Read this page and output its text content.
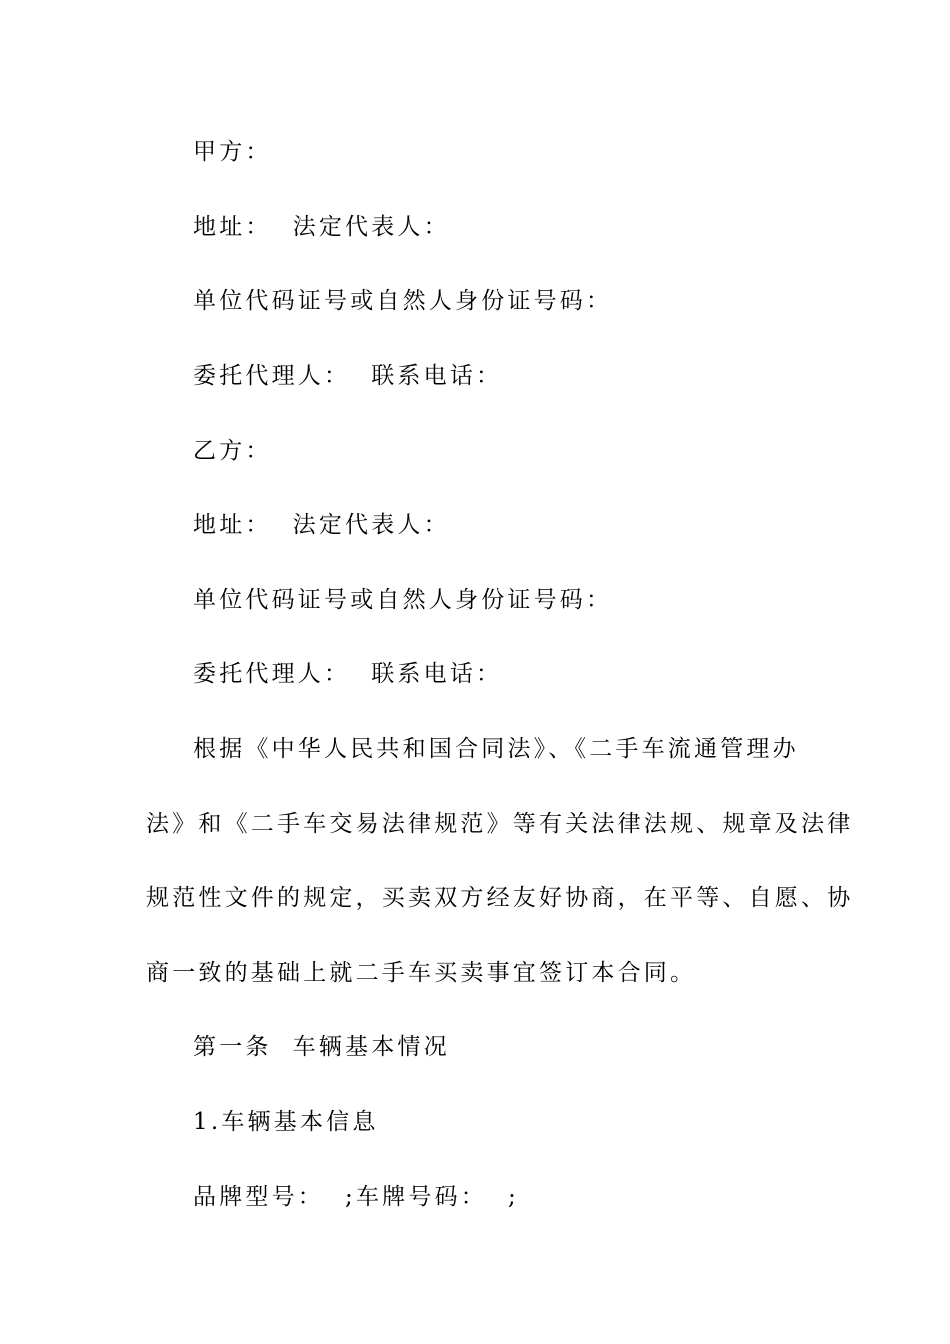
甲方：
地址：  法定代表人：
单位代码证号或自然人身份证号码：
委托代理人：  联系电话：
乙方：
地址：  法定代表人：
单位代码证号或自然人身份证号码：
委托代理人：  联系电话：
根据《中华人民共和国合同法》、《二手车流通管理办
法》和《二手车交易法律规范》等有关法律法规、规章及法律
规范性文件的规定，买卖双方经友好协商，在平等、自愿、协
商一致的基础上就二手车买卖事宜签订本合同。
第一条  车辆基本情况
1.车辆基本信息
品牌型号：  ;车牌号码：  ;
